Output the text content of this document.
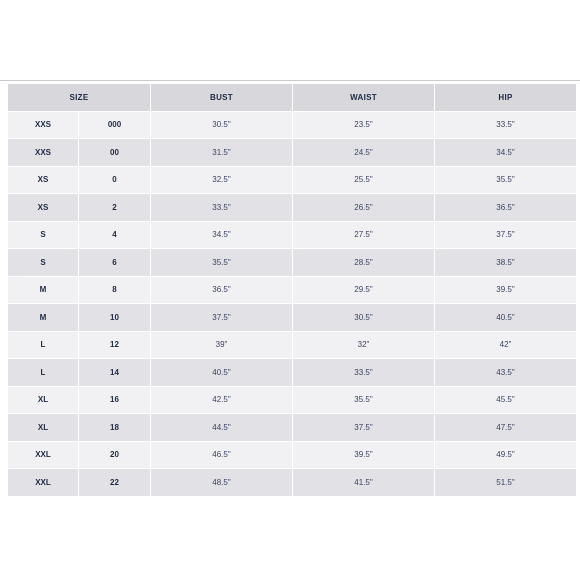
SIZE	BUST	WAIST	HIP
XXS	000	30.5"	23.5"	33.5"
XXS	00	31.5"	24.5"	34.5"
XS	0	32.5"	25.5"	35.5"
XS	2	33.5"	26.5"	36.5"
S	4	34.5"	27.5"	37.5"
S	6	35.5"	28.5"	38.5"
M	8	36.5"	29.5"	39.5"
M	10	37.5"	30.5"	40.5"
L	12	39"	32"	42"
L	14	40.5"	33.5"	43.5"
XL	16	42.5"	35.5"	45.5"
XL	18	44.5"	37.5"	47.5"
XXL	20	46.5"	39.5"	49.5"
XXL	22	48.5"	41.5"	51.5"
